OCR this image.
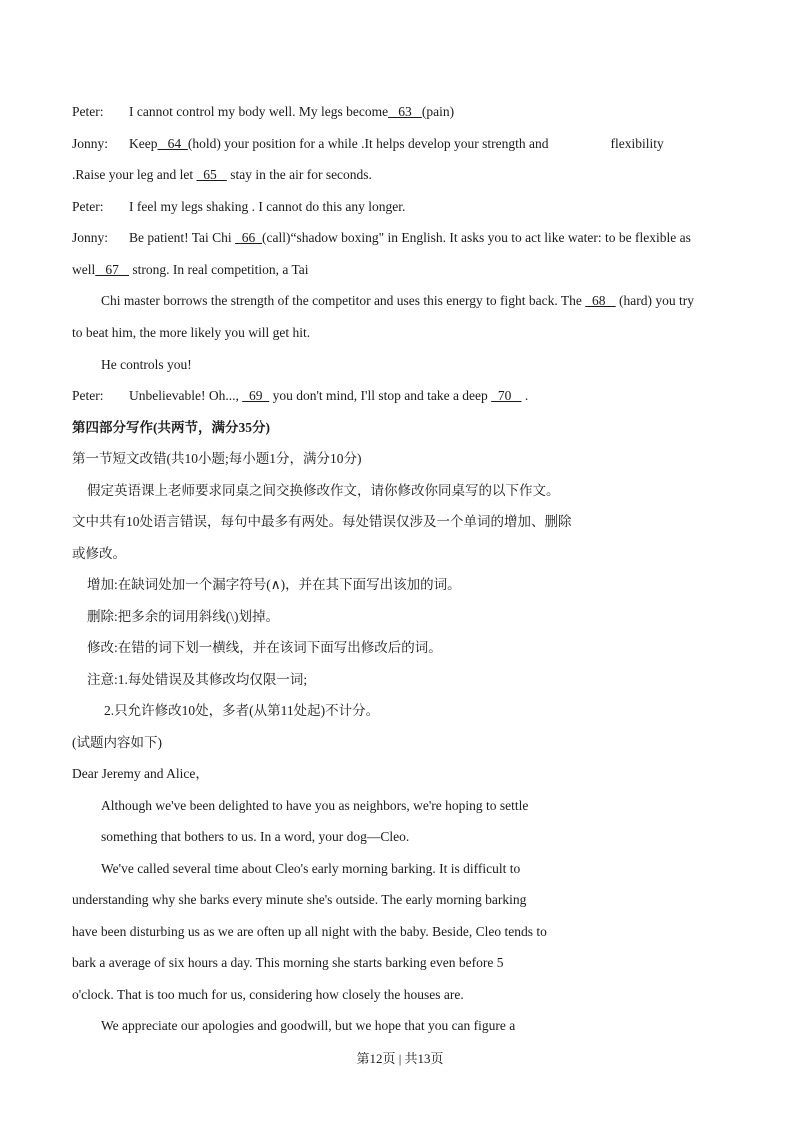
Peter: I cannot control my body well. My legs become   63   (pain)
Jonny: Keep   64  (hold) your position for a while .It helps develop your strength and	flexibility
.Raise your leg and let   65    stay in the air for seconds.
Peter: I feel my legs shaking . I cannot do this any longer.
Jonny: Be patient! Tai Chi   66  (call)“shadow boxing" in English. It asks you to act like water: to be flexible as
well   67    strong. In real competition, a Tai
Chi master borrows the strength of the competitor and uses this energy to fight back. The   68    (hard) you try
to beat him, the more likely you will get hit.
He controls you!
Peter: Unbelievable! Oh...,   69   you don't mind, I'll stop and take a deep   70    .
第四部分写作(共两节，满分35分)
第一节短文改错(共10小题;每小题1分，满分10分)
假定英语课上老师要求同桌之间交换修改作文，请你修改你同桌写的以下作文。
文中共有10处语言错误，每句中最多有两处。每处错误仅涉及一个单词的增加、删除
或修改。
增加:在缺词处加一个漏字符号(∧)，并在其下面写出该加的词。
删除:把多余的词用斜线(\)划掉。
修改:在错的词下划一横线，并在该词下面写出修改后的词。
注意:1.每处错误及其修改均仅限一词;
2.只允许修改10处，多者(从第11处起)不计分。
(试题内容如下)
Dear Jeremy and Alice，
Although we've been delighted to have you as neighbors, we're hoping to settle
something that bothers to us. In a word, your dog—Cleo.
We've called several time about Cleo's early morning barking. It is difficult to
understanding why she barks every minute she's outside. The early morning barking
have been disturbing us as we are often up all night with the baby. Beside, Cleo tends to
bark a average of six hours a day. This morning she starts barking even before 5
o'clock. That is too much for us, considering how closely the houses are.
We appreciate our apologies and goodwill, but we hope that you can figure a
第12页 | 共13页
